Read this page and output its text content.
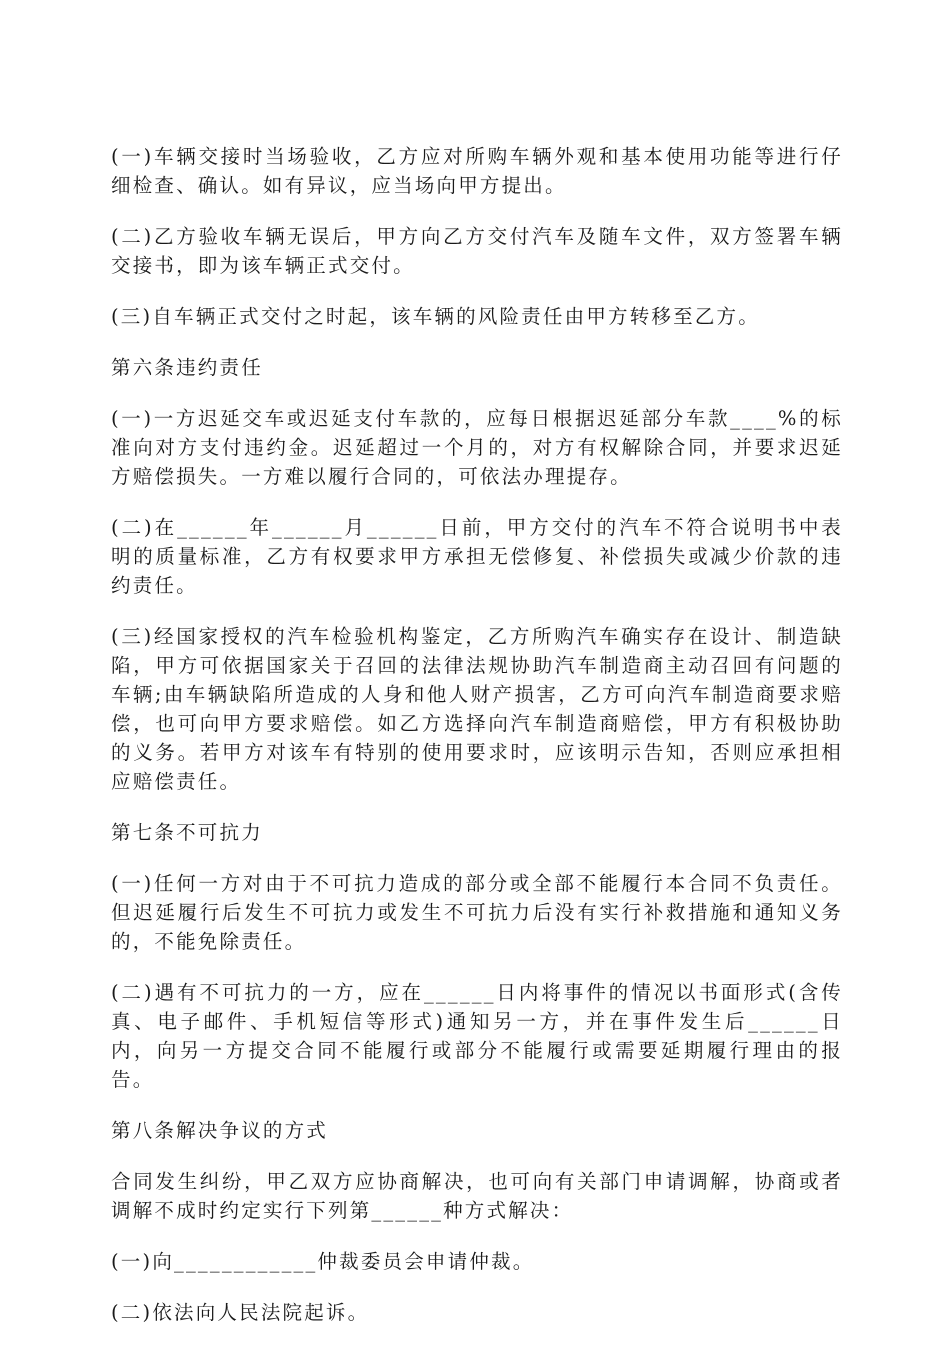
(一)车辆交接时当场验收，乙方应对所购车辆外观和基本使用功能等进行仔细检查、确认。如有异议，应当场向甲方提出。

(二)乙方验收车辆无误后，甲方向乙方交付汽车及随车文件，双方签署车辆交接书，即为该车辆正式交付。

(三)自车辆正式交付之时起，该车辆的风险责任由甲方转移至乙方。

第六条违约责任

(一)一方迟延交车或迟延支付车款的，应每日根据迟延部分车款____%的标准向对方支付违约金。迟延超过一个月的，对方有权解除合同，并要求迟延方赔偿损失。一方难以履行合同的，可依法办理提存。

(二)在______年______月______日前，甲方交付的汽车不符合说明书中表明的质量标准，乙方有权要求甲方承担无偿修复、补偿损失或减少价款的违约责任。

(三)经国家授权的汽车检验机构鉴定，乙方所购汽车确实存在设计、制造缺陷，甲方可依据国家关于召回的法律法规协助汽车制造商主动召回有问题的车辆;由车辆缺陷所造成的人身和他人财产损害，乙方可向汽车制造商要求赔偿，也可向甲方要求赔偿。如乙方选择向汽车制造商赔偿，甲方有积极协助的义务。若甲方对该车有特别的使用要求时，应该明示告知，否则应承担相应赔偿责任。

第七条不可抗力

(一)任何一方对由于不可抗力造成的部分或全部不能履行本合同不负责任。但迟延履行后发生不可抗力或发生不可抗力后没有实行补救措施和通知义务的，不能免除责任。

(二)遇有不可抗力的一方，应在______日内将事件的情况以书面形式(含传真、电子邮件、手机短信等形式)通知另一方，并在事件发生后______日内，向另一方提交合同不能履行或部分不能履行或需要延期履行理由的报告。

第八条解决争议的方式

合同发生纠纷，甲乙双方应协商解决，也可向有关部门申请调解，协商或者调解不成时约定实行下列第______种方式解决：

(一)向____________仲裁委员会申请仲裁。

(二)依法向人民法院起诉。
